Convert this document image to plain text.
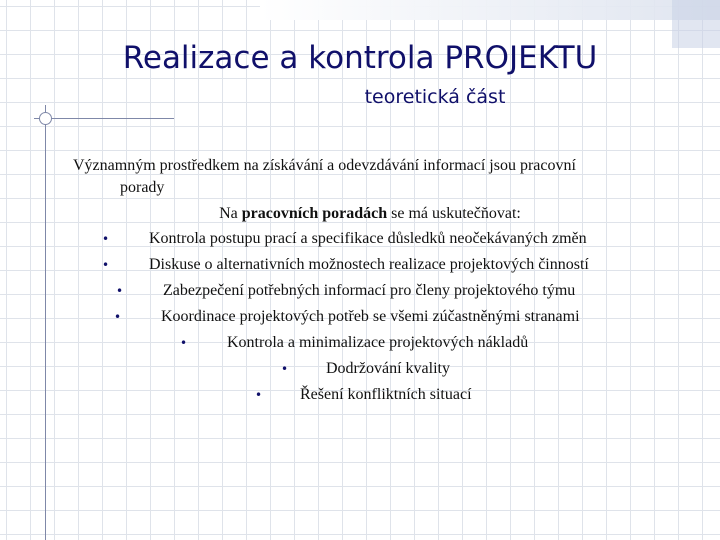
Realizace a kontrola PROJEKTU
teoretická část
Významným prostředkem na získávání a odevzdávání informací jsou pracovní
porady
Na pracovních poradách se má uskutečňovat:
• Kontrola postupu prací a specifikace důsledků neočekávaných změn
• Diskuse o alternativních možnostech realizace projektových činností
• Zabezpečení potřebných informací pro členy projektového týmu
• Koordinace projektových potřeb se všemi zúčastněnými stranami
• Kontrola a minimalizace projektových nákladů
• Dodržování kvality
• Řešení konfliktních situací
